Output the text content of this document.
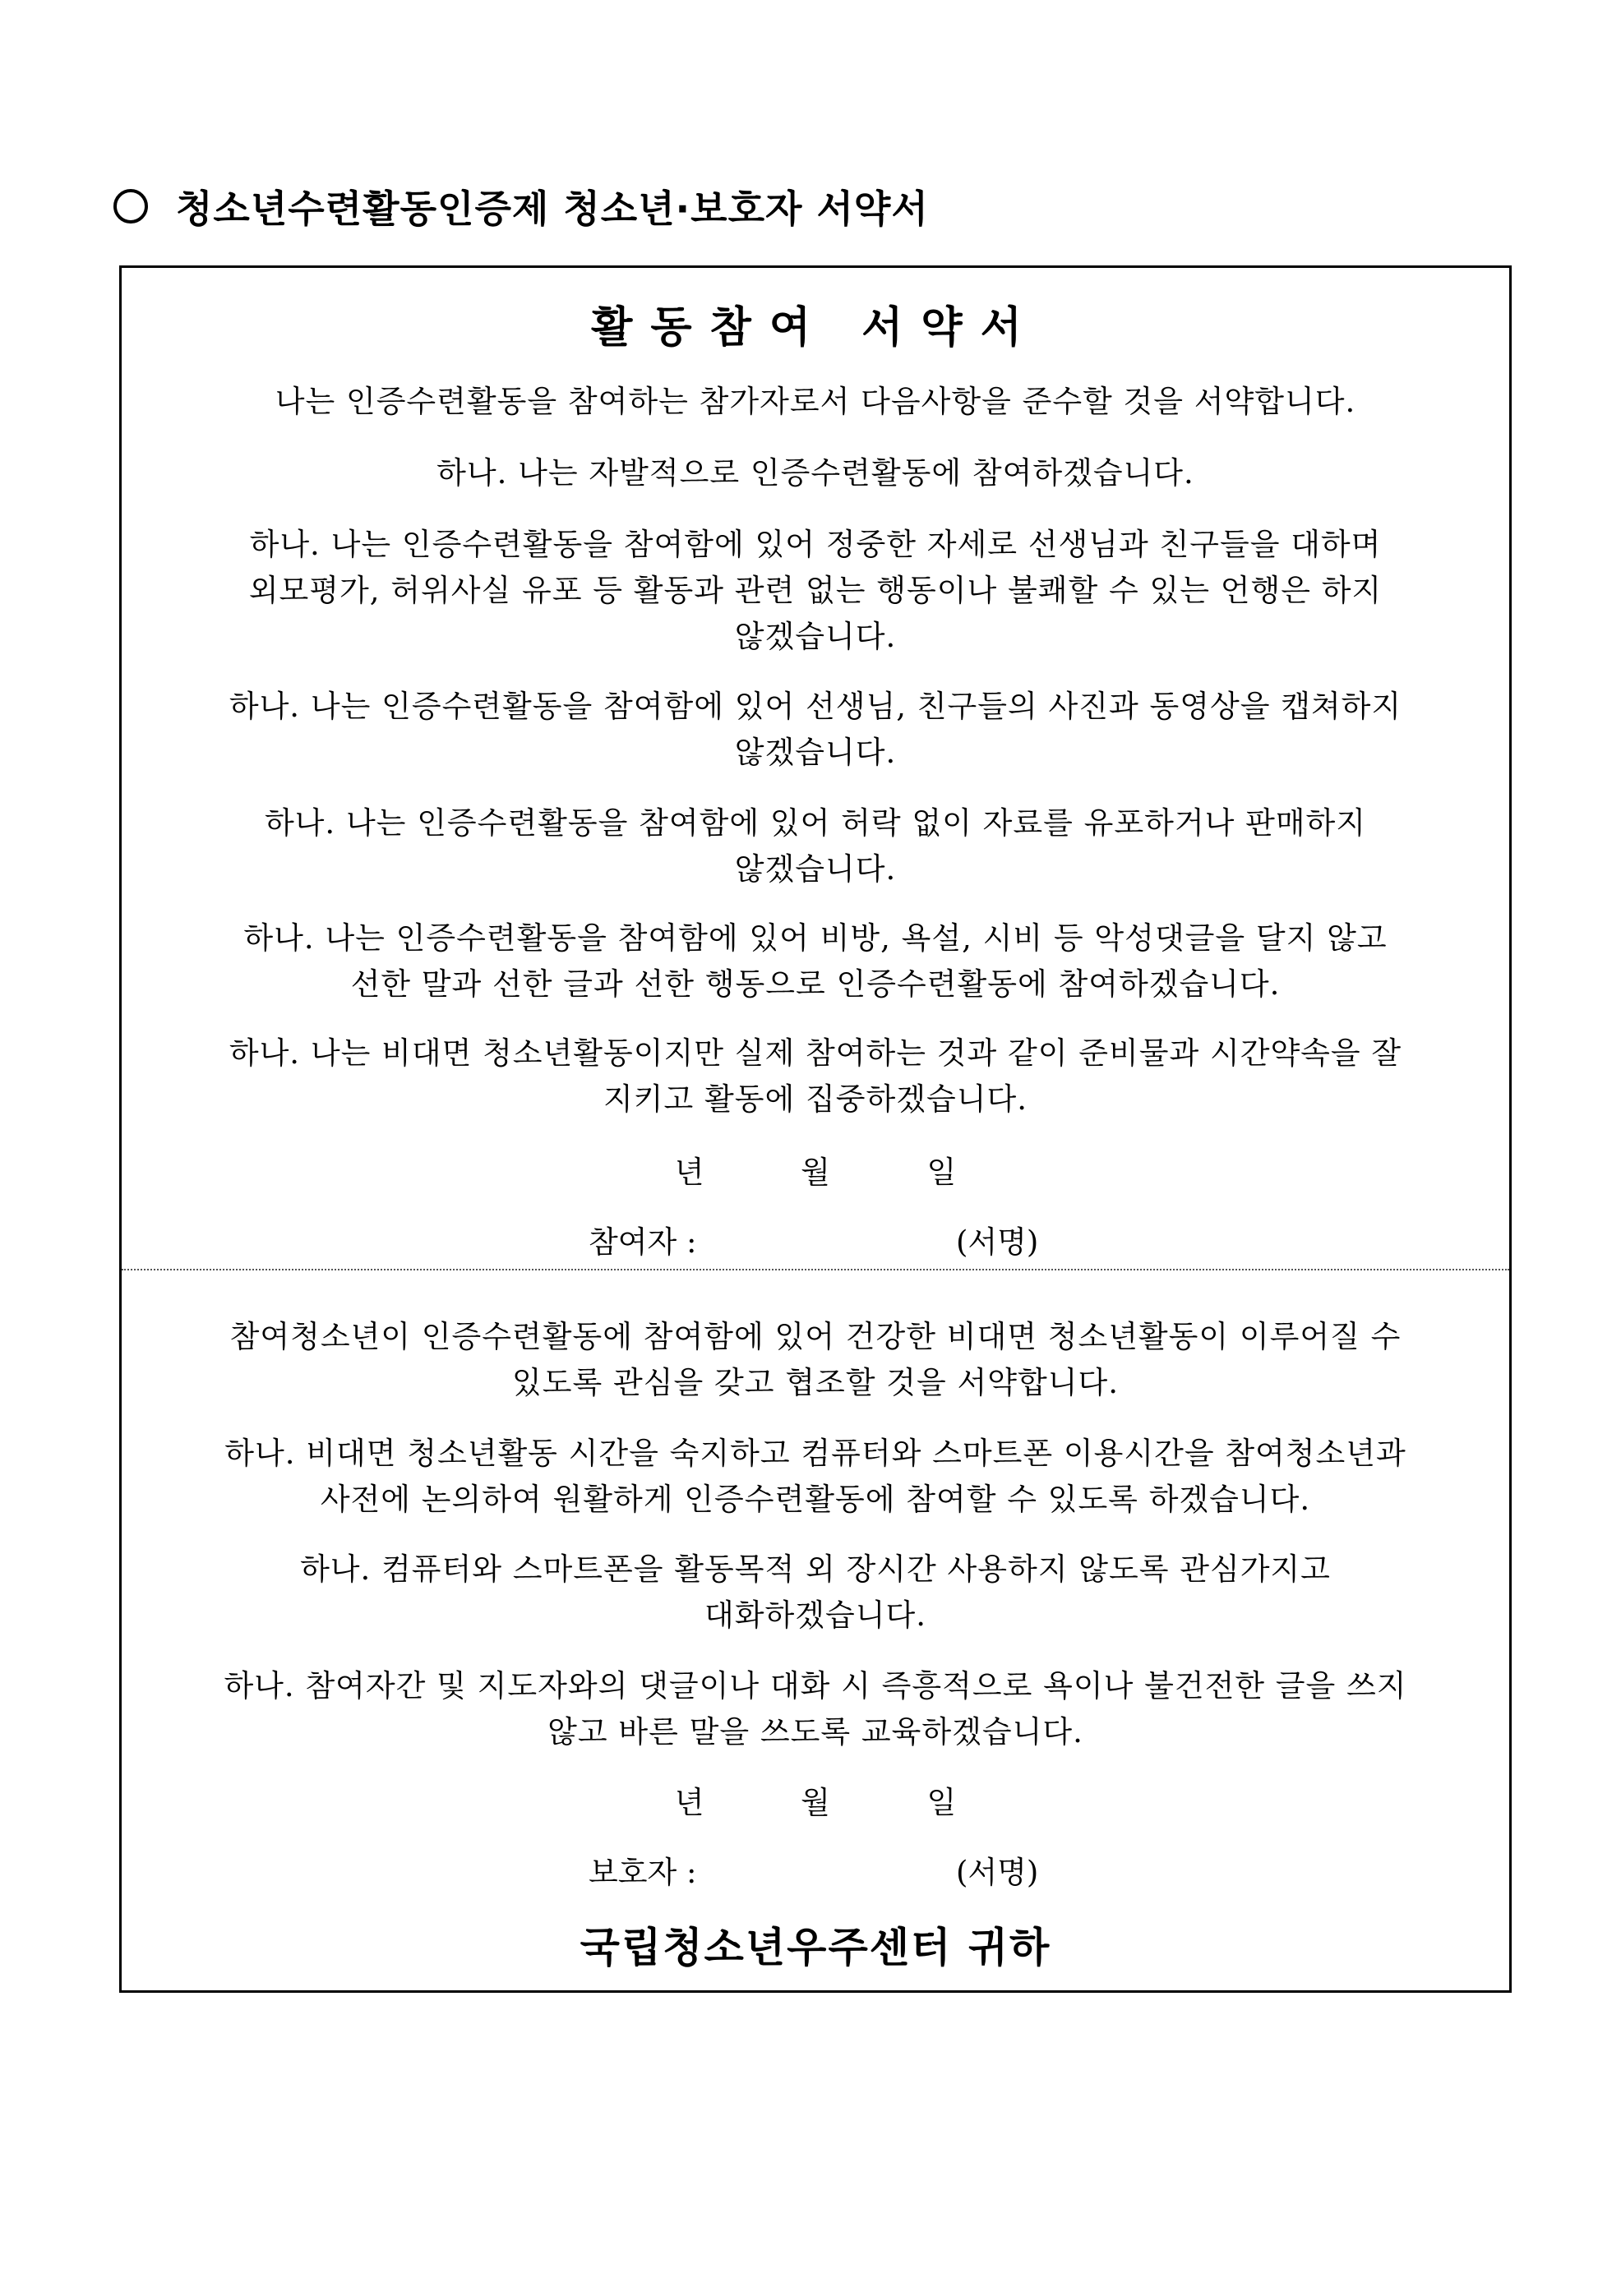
청소년수련활동인증제 청소년·보호자 서약서
활동참여 서약서
나는 인증수련활동을 참여하는 참가자로서 다음사항을 준수할 것을 서약합니다.
하나. 나는 자발적으로 인증수련활동에 참여하겠습니다.
하나. 나는 인증수련활동을 참여함에 있어 정중한 자세로 선생님과 친구들을 대하며
외모평가, 허위사실 유포 등 활동과 관련 없는 행동이나 불쾌할 수 있는 언행은 하지
않겠습니다.
하나. 나는 인증수련활동을 참여함에 있어 선생님, 친구들의 사진과 동영상을 캡쳐하지
않겠습니다.
하나. 나는 인증수련활동을 참여함에 있어 허락 없이 자료를 유포하거나 판매하지
않겠습니다.
하나. 나는 인증수련활동을 참여함에 있어 비방, 욕설, 시비 등 악성댓글을 달지 않고
선한 말과 선한 글과 선한 행동으로 인증수련활동에 참여하겠습니다.
하나. 나는 비대면 청소년활동이지만 실제 참여하는 것과 같이 준비물과 시간약속을 잘
지키고 활동에 집중하겠습니다.
년	월	일
참여자 :	(서명)
참여청소년이 인증수련활동에 참여함에 있어 건강한 비대면 청소년활동이 이루어질 수
있도록 관심을 갖고 협조할 것을 서약합니다.
하나. 비대면 청소년활동 시간을 숙지하고 컴퓨터와 스마트폰 이용시간을 참여청소년과
사전에 논의하여 원활하게 인증수련활동에 참여할 수 있도록 하겠습니다.
하나. 컴퓨터와 스마트폰을 활동목적 외 장시간 사용하지 않도록 관심가지고
대화하겠습니다.
하나. 참여자간 및 지도자와의 댓글이나 대화 시 즉흥적으로 욕이나 불건전한 글을 쓰지
않고 바른 말을 쓰도록 교육하겠습니다.
년	월	일
보호자 :	(서명)
국립청소년우주센터 귀하
